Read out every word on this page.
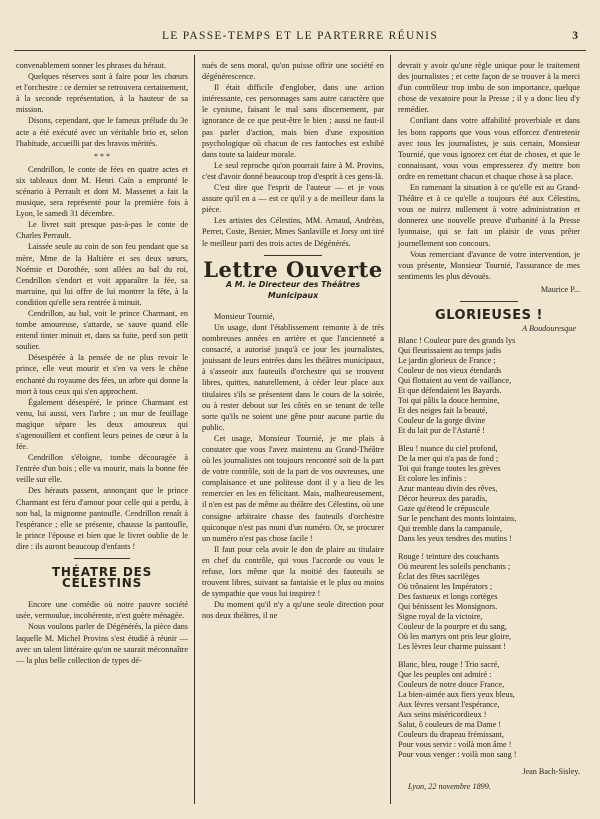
LE PASSE-TEMPS ET LE PARTERRE RÉUNIS	3

convenablement sonner les phrases du héraut.

Quelques réserves sont à faire pour les chœurs et l'orchestre : ce dernier se retrouvera certainement, à la seconde représentation, à la hauteur de sa mission.

Disons, cependant, que le fameux prélude du 3e acte a été exécuté avec un véritable brio et, selon l'habitude, accueilli par des bravos mérités.

* * *

Cendrillon, le conte de fées en quatre actes et six tableaux dont M. Henri Caïn a emprunté le scénario à Perrault et dont M. Massenet a fait la musique, sera représenté pour la première fois à Lyon, le samedi 31 décembre.

Le livret suit presque pas-à-pas le conte de Charles Perrault.

Laissée seule au coin de son feu pendant que sa mère, Mme de la Haltière et ses deux sœurs, Noémie et Dorothée, sont allées au bal du roi, Cendrillon s'endort et voit apparaître la fée, sa marraine, qui lui offre de lui montrer la fête, à la condition qu'elle sera rentrée à minuit.

Cendrillon, au bal, voit le prince Charmant, en tombe amoureuse, s'attarde, se sauve quand elle entend tinter minuit et, dans sa fuite, perd son petit soulier.

Désespérée à la pensée de ne plus revoir le prince, elle veut mourir et s'en va vers le chêne enchanté du royaume des fées, un arbre qui donne la mort à tous ceux qui s'en approchent.

Également désespéré, le prince Charmant est venu, lui aussi, vers l'arbre ; un mur de feuillage magique sépare les deux amoureux qui s'agenouillent et confient leurs peines de cœur à la fée.

Cendrillon s'éloigne, tombe découragée à l'entrée d'un bois ; elle va mourir, mais la bonne fée veille sur elle.

Des hérauts passent, annonçant que le prince Charmant est féru d'amour pour celle qui a perdu, à son bal, la mignonne pantoufle. Cendrillon renaît à l'espérance ; elle se présente, chausse la pantoufle, le prince l'épouse et bien que le livret oublie de le dire : ils auront beaucoup d'enfants !

THÉATRE DES CÉLESTINS

Encore une comédie où notre pauvre société usée, vermoulue, incohérente, n'est guère ménagée.

Nous voulons parler de Dégénérés, la pièce dans laquelle M. Michel Provins s'est étudié à réunir — avec un talent littéraire qu'on ne saurait méconnaître — la plus belle collection de types dé-

nués de sens moral, qu'on puisse offrir une société en dégénérescence.

Il était difficile d'englober, dans une action intéressante, ces personnages sans autre caractère que le cynisme, faisant le mal sans discernement, par ignorance de ce que peut-être le bien ; aussi ne faut-il pas parler d'action, mais bien d'une exposition psychologique où chacun de ces fantoches est exhibé dans toute sa laideur morale.

Le seul reproche qu'on pourrait faire à M. Provins, c'est d'avoir donné beaucoup trop d'esprit à ces gens-là.

C'est dire que l'esprit de l'auteur — et je vous assure qu'il en a — est ce qu'il y a de meilleur dans la pièce.

Les artistes des Célestins, MM. Arnaud, Andréas, Perret, Coste, Benier, Mmes Sanlaville et Jorsy ont tiré le meilleur parti des trois actes de Dégénérés.

Lettre Ouverte
A M. le Directeur des Théâtres Municipaux

Monsieur Tournié,

Un usage, dont l'établissement remonte à de très nombreuses années en arrière et que l'ancienneté a consacré, a autorisé jusqu'à ce jour les journalistes, jouissant de leurs entrées dans les théâtres municipaux, à s'asseoir aux fauteuils d'orchestre qui se trouvent libres, quittes, naturellement, à céder leur place aux titulaires s'ils se présentent dans le cours de la soirée, ou à rester debout sur les côtés en se tenant de telle sorte qu'ils ne soient une gêne pour aucune partie du public.

Cet usage, Monsieur Tournié, je me plais à constater que vous l'avez maintenu au Grand-Théâtre où les journalistes ont toujours rencontré soit de la part de votre contrôle, soit de la part de vos ouvreuses, une complaisance et une politesse dont il y a lieu de les remercier en les en félicitant. Mais, malheureusement, il n'en est pas de même au théâtre des Célestins, où une consigne arbitraire chasse des fauteuils d'orchestre quiconque n'est pas muni d'un numéro. Or, se procurer un numéro n'est pas chose facile !

Il faut pour cela avoir le don de plaire au titulaire en chef du contrôle, qui vous l'accorde ou vous le refuse, lors même que la moitié des fauteuils se trouvent libres, suivant sa fantaisie et le plus ou moins de sympathie que vous lui inspirez !

Du moment qu'il n'y a qu'une seule direction pour nos deux théâtres, il ne

devrait y avoir qu'une règle unique pour le traitement des journalistes ; et cette façon de se trouver à la merci d'un contrôleur trop imbu de son importance, quelque chose de vexatoire pour la Presse ; il y a donc lieu d'y remédier.

Confiant dans votre affabilité proverbiale et dans les bons rapports que vous vous efforcez d'entretenir avec tous les journalistes, je suis certain, Monsieur Tournié, que vous ignorez cet état de choses, et que le connaissant, vous vous empresserez d'y mettre bon ordre en remettant chacun et chaque chose à sa place.

En ramenant la situation à ce qu'elle est au Grand-Théâtre et à ce qu'elle a toujours été aux Célestins, vous ne nuirez nullement à votre administration et donnerez une nouvelle preuve d'urbanité à la Presse lyonnaise, qui se fait un plaisir de vous prêter journellement son concours.

Vous remerciant d'avance de votre intervention, je vous présente, Monsieur Tournié, l'assurance de mes sentiments les plus dévoués.

Maurice P...
GLORIEUSES !
A Boudouresque
Blanc ! Couleur pure des grands lys
Qui fleurissaient au temps jadis
Le jardin glorieux de France ;
Couleur de nos vieux étendards
Qui flottaient au vent de vaillance,
Et que défendaient les Bayards.
Toi qui pâlis la douce hermine,
Et des neiges fait la beauté,
Couleur de la gorge divine
Et du lait pur de l'Astarté !
Bleu ! nuance du ciel profond,
De la mer qui n'a pas de fond ;
Toi qui frange toutes les grèves
Et colore les infinis :
Azur manteau divin des rêves,
Décor heureux des paradis,
Gaze qu'étend le crépuscule
Sur le penchant des monts lointains,
Qui tremble dans la campanule,
Dans les yeux tendres des mutins !
Rouge ! teinture des couchants
Où meurent les soleils penchants ;
Éclat des fêtes sacrilèges
Où trônaient les Impérators ;
Des fastueux et longs cortèges
Qui bénissent les Monsignors.
Signe royal de la victoire,
Couleur de la pourpre et du sang,
Où les martyrs ont pris leur gloire,
Les lèvres leur charme puissant !
Blanc, bleu, rouge ! Trio sacré,
Que les peuples ont admiré :
Couleurs de notre douce France,
La bien-aimée aux fiers yeux bleus,
Aux lèvres versant l'espérance,
Aux seins miséricordieux !
Salut, ô couleurs de ma Dame !
Couleurs du drapeau frémissant,
Pour vous servir : voilà mon âme !
Pour vous venger : voilà mon sang !
Jean Bach-Sisley.
Lyon, 22 novembre 1899.
